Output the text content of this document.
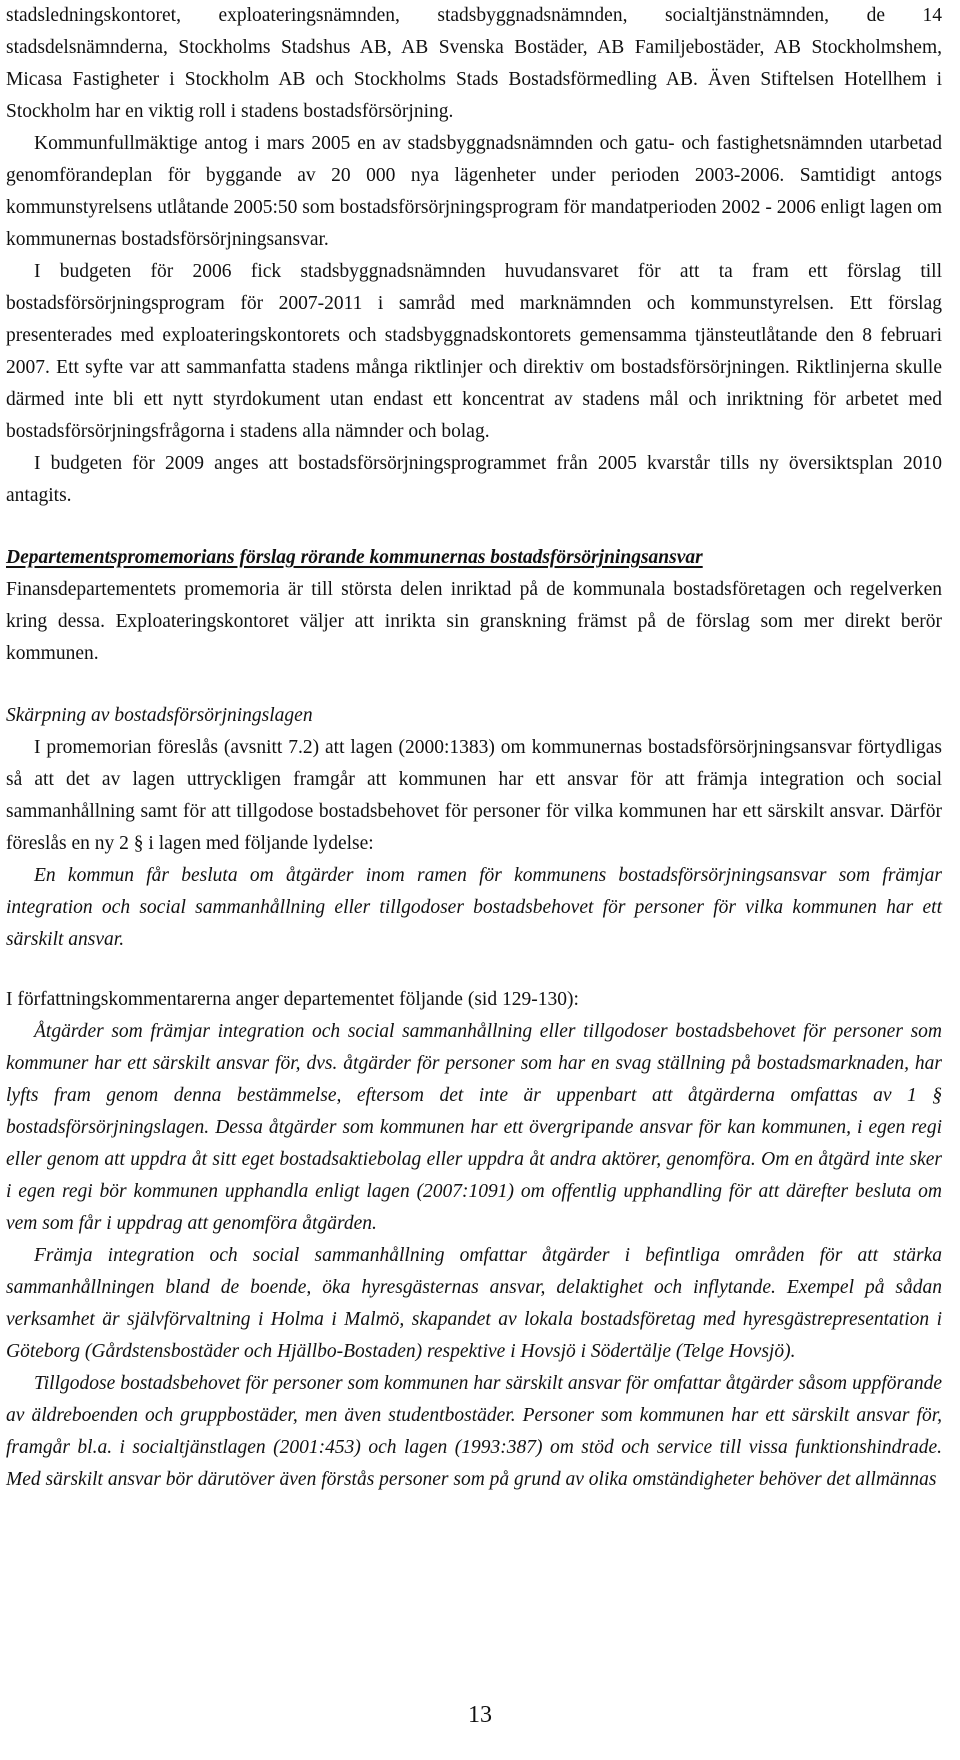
stadsledningskontoret, exploateringsnämnden, stadsbyggnadsnämnden, socialtjänstnämnden, de 14 stadsdelsnämnderna, Stockholms Stadshus AB, AB Svenska Bostäder, AB Familjebostäder, AB Stockholmshem, Micasa Fastigheter i Stockholm AB och Stockholms Stads Bostadsförmedling AB. Även Stiftelsen Hotellhem i Stockholm har en viktig roll i stadens bostadsförsörjning.

Kommunfullmäktige antog i mars 2005 en av stadsbyggnadsnämnden och gatu- och fastighetsnämnden utarbetad genomförandeplan för byggande av 20 000 nya lägenheter under perioden 2003-2006. Samtidigt antogs kommunstyrelsens utlåtande 2005:50 som bostadsförsörjningsprogram för mandatperioden 2002 - 2006 enligt lagen om kommunernas bostadsförsörjningsansvar.

I budgeten för 2006 fick stadsbyggnadsnämnden huvudansvaret för att ta fram ett förslag till bostadsförsörjningsprogram för 2007-2011 i samråd med marknämnden och kommunstyrelsen. Ett förslag presenterades med exploateringskontorets och stadsbyggnadskontorets gemensamma tjänsteutlåtande den 8 februari 2007. Ett syfte var att sammanfatta stadens många riktlinjer och direktiv om bostadsförsörjningen. Riktlinjerna skulle därmed inte bli ett nytt styrdokument utan endast ett koncentrat av stadens mål och inriktning för arbetet med bostadsförsörjningsfrågorna i stadens alla nämnder och bolag.

I budgeten för 2009 anges att bostadsförsörjningsprogrammet från 2005 kvarstår tills ny översiktsplan 2010 antagits.

Departementspromemorians förslag rörande kommunernas bostadsförsörjningsansvar

Finansdepartementets promemoria är till största delen inriktad på de kommunala bostadsföretagen och regelverken kring dessa. Exploateringskontoret väljer att inrikta sin granskning främst på de förslag som mer direkt berör kommunen.

Skärpning av bostadsförsörjningslagen

I promemorian föreslås (avsnitt 7.2) att lagen (2000:1383) om kommunernas bostadsförsörjningsansvar förtydligas så att det av lagen uttryckligen framgår att kommunen har ett ansvar för att främja integration och social sammanhållning samt för att tillgodose bostadsbehovet för personer för vilka kommunen har ett särskilt ansvar. Därför föreslås en ny 2 § i lagen med följande lydelse:

En kommun får besluta om åtgärder inom ramen för kommunens bostadsförsörjningsansvar som främjar integration och social sammanhållning eller tillgodoser bostadsbehovet för personer för vilka kommunen har ett särskilt ansvar.

I författningskommentarerna anger departementet följande (sid 129-130):

Åtgärder som främjar integration och social sammanhållning eller tillgodoser bostadsbehovet för personer som kommuner har ett särskilt ansvar för, dvs. åtgärder för personer som har en svag ställning på bostadsmarknaden, har lyfts fram genom denna bestämmelse, eftersom det inte är uppenbart att åtgärderna omfattas av 1 § bostadsförsörjningslagen. Dessa åtgärder som kommunen har ett övergripande ansvar för kan kommunen, i egen regi eller genom att uppdra åt sitt eget bostadsaktiebolag eller uppdra åt andra aktörer, genomföra. Om en åtgärd inte sker i egen regi bör kommunen upphandla enligt lagen (2007:1091) om offentlig upphandling för att därefter besluta om vem som får i uppdrag att genomföra åtgärden.

Främja integration och social sammanhållning omfattar åtgärder i befintliga områden för att stärka sammanhållningen bland de boende, öka hyresgästernas ansvar, delaktighet och inflytande. Exempel på sådan verksamhet är självförvaltning i Holma i Malmö, skapandet av lokala bostadsföretag med hyresgästrepresentation i Göteborg (Gårdstensbostäder och Hjällbo-Bostaden) respektive i Hovsjö i Södertälje (Telge Hovsjö).

Tillgodose bostadsbehovet för personer som kommunen har särskilt ansvar för omfattar åtgärder såsom uppförande av äldreboenden och gruppbostäder, men även studentbostäder. Personer som kommunen har ett särskilt ansvar för, framgår bl.a. i socialtjänstlagen (2001:453) och lagen (1993:387) om stöd och service till vissa funktionshindrade. Med särskilt ansvar bör därutöver även förstås personer som på grund av olika omständigheter behöver det allmännas

13
